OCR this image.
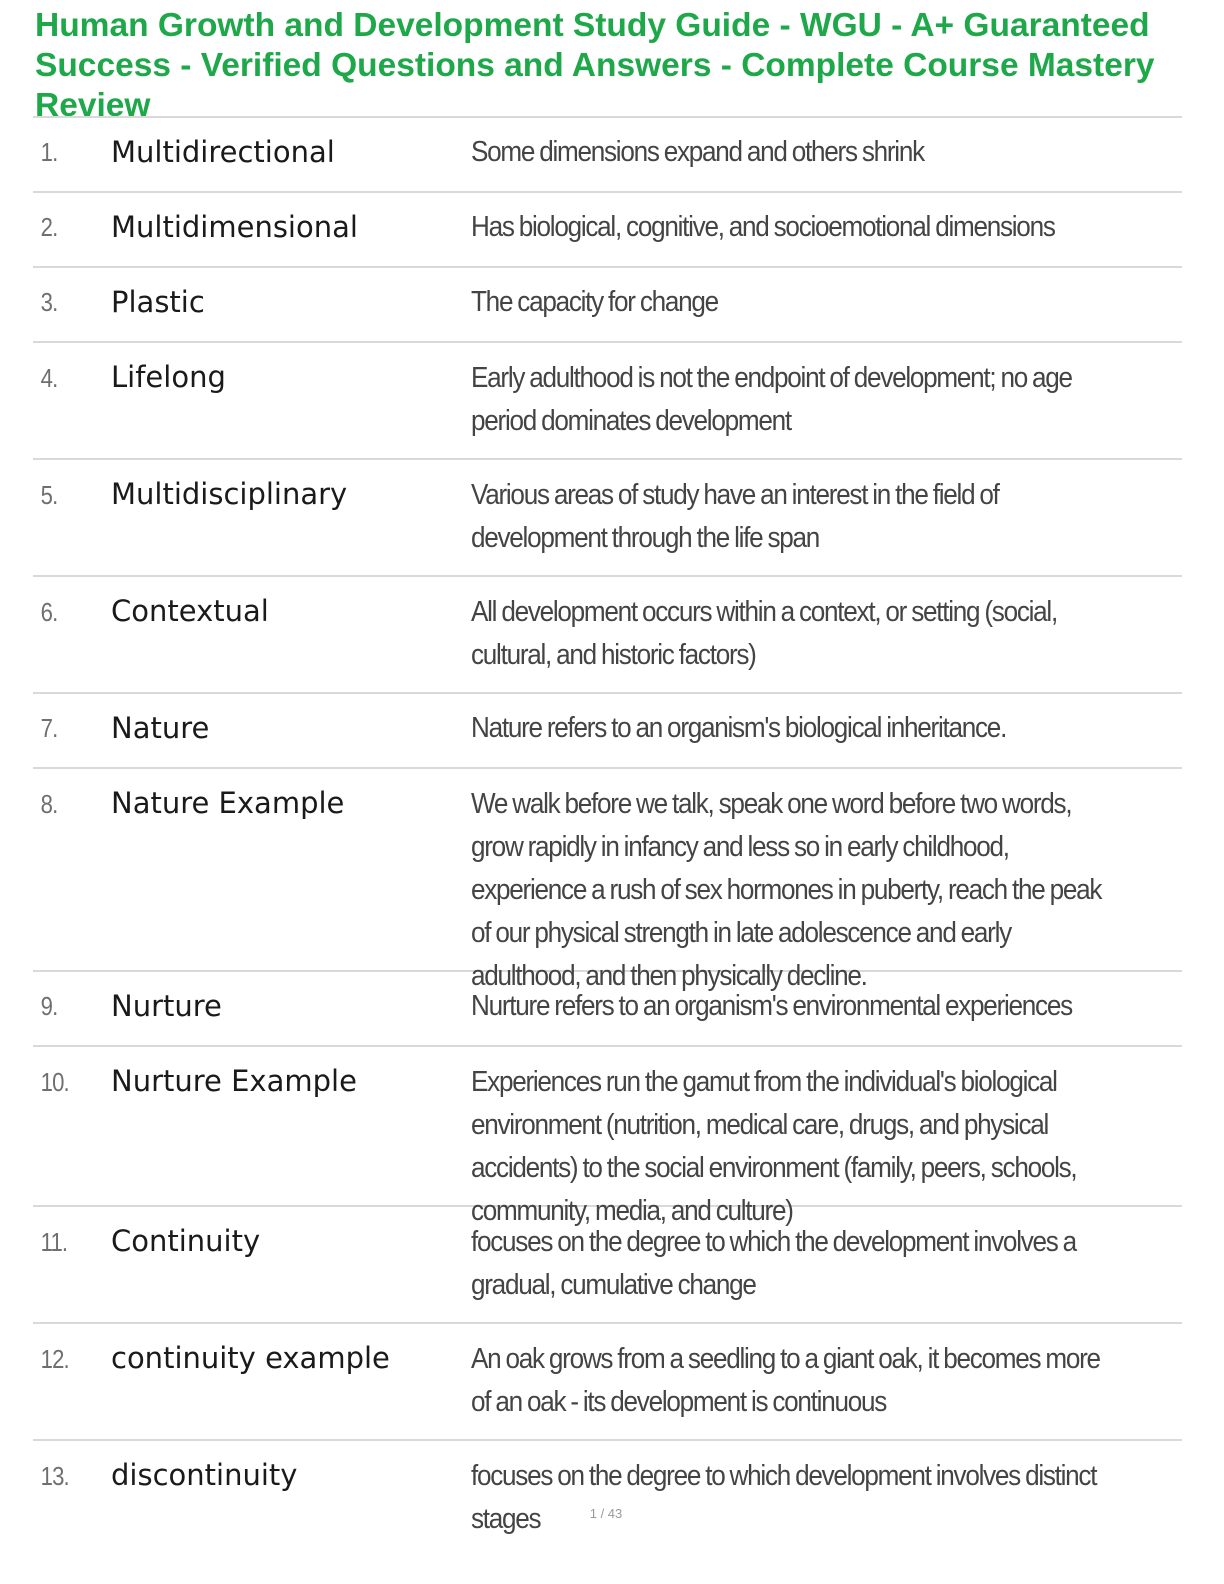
Human Growth and Development Study Guide - WGU - A+ Guaranteed Success - Verified Questions and Answers - Complete Course Mastery Review
1.	Multidirectional	Some dimensions expand and others shrink
2.	Multidimensional	Has biological, cognitive, and socioemotional dimensions
3.	Plastic	The capacity for change
4.	Lifelong	Early adulthood is not the endpoint of development; no age period dominates development
5.	Multidisciplinary	Various areas of study have an interest in the field of development through the life span
6.	Contextual	All development occurs within a context, or setting (social, cultural, and historic factors)
7.	Nature	Nature refers to an organism's biological inheritance.
8.	Nature Example	We walk before we talk, speak one word before two words, grow rapidly in infancy and less so in early childhood, experience a rush of sex hormones in puberty, reach the peak of our physical strength in late adolescence and early adulthood, and then physically decline.
9.	Nurture	Nurture refers to an organism's environmental experiences
10.	Nurture Example	Experiences run the gamut from the individual's biological environment (nutrition, medical care, drugs, and physical accidents) to the social environment (family, peers, schools, community, media, and culture)
11.	Continuity	focuses on the degree to which the development involves a gradual, cumulative change
12.	continuity example	An oak grows from a seedling to a giant oak, it becomes more of an oak - its development is continuous
13.	discontinuity	focuses on the degree to which development involves distinct stages	1 / 43
